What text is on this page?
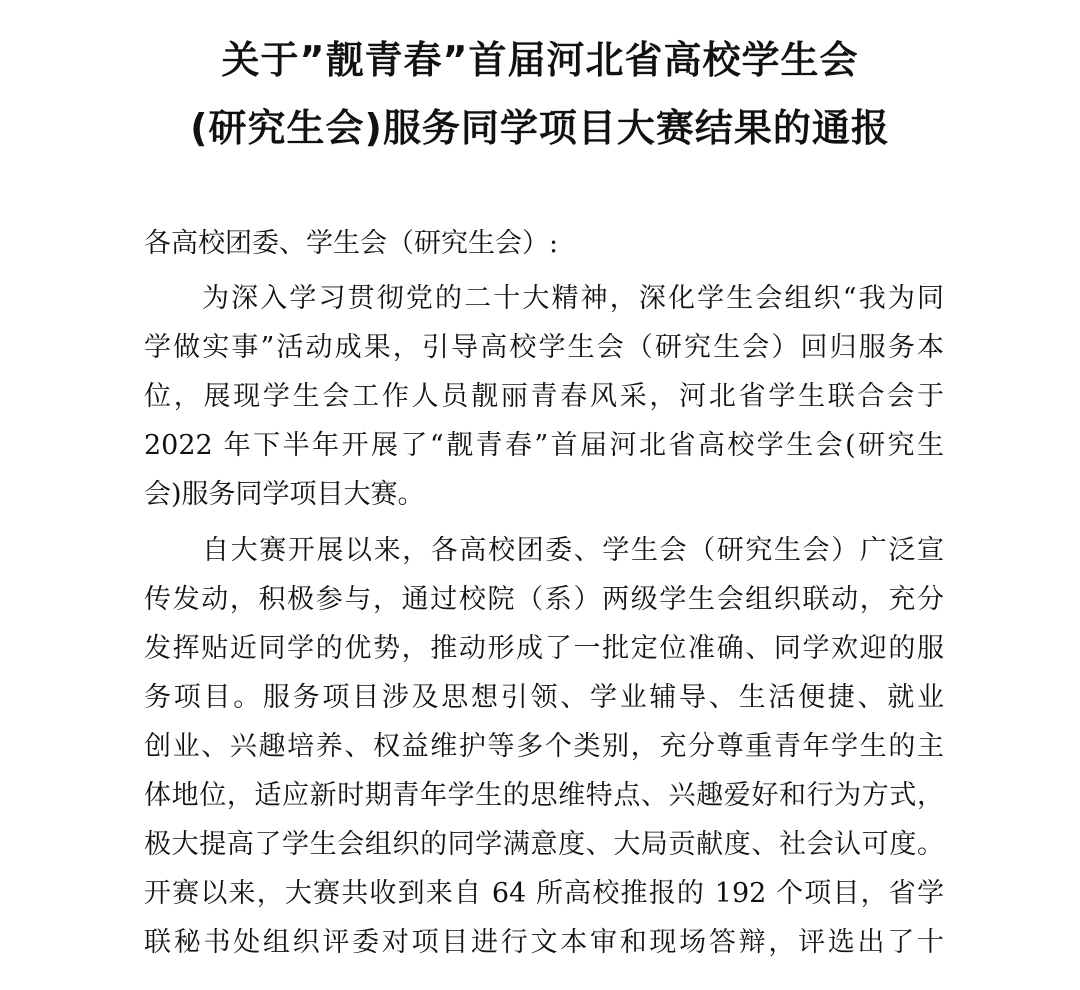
关于”靓青春”首届河北省高校学生会
(研究生会)服务同学项目大赛结果的通报
各高校团委、学生会（研究生会）:
为深入学习贯彻党的二十大精神，深化学生会组织“我为同
学做实事”活动成果，引导高校学生会（研究生会）回归服务本
位，展现学生会工作人员靓丽青春风采，河北省学生联合会于
2022 年下半年开展了“靓青春”首届河北省高校学生会(研究生
会)服务同学项目大赛。
自大赛开展以来，各高校团委、学生会（研究生会）广泛宣
传发动，积极参与，通过校院（系）两级学生会组织联动，充分
发挥贴近同学的优势，推动形成了一批定位准确、同学欢迎的服
务项目。服务项目涉及思想引领、学业辅导、生活便捷、就业
创业、兴趣培养、权益维护等多个类别，充分尊重青年学生的主
体地位，适应新时期青年学生的思维特点、兴趣爱好和行为方式，
极大提高了学生会组织的同学满意度、大局贡献度、社会认可度。
开赛以来，大赛共收到来自 64 所高校推报的 192 个项目，省学
联秘书处组织评委对项目进行文本审和现场答辩，评选出了十
